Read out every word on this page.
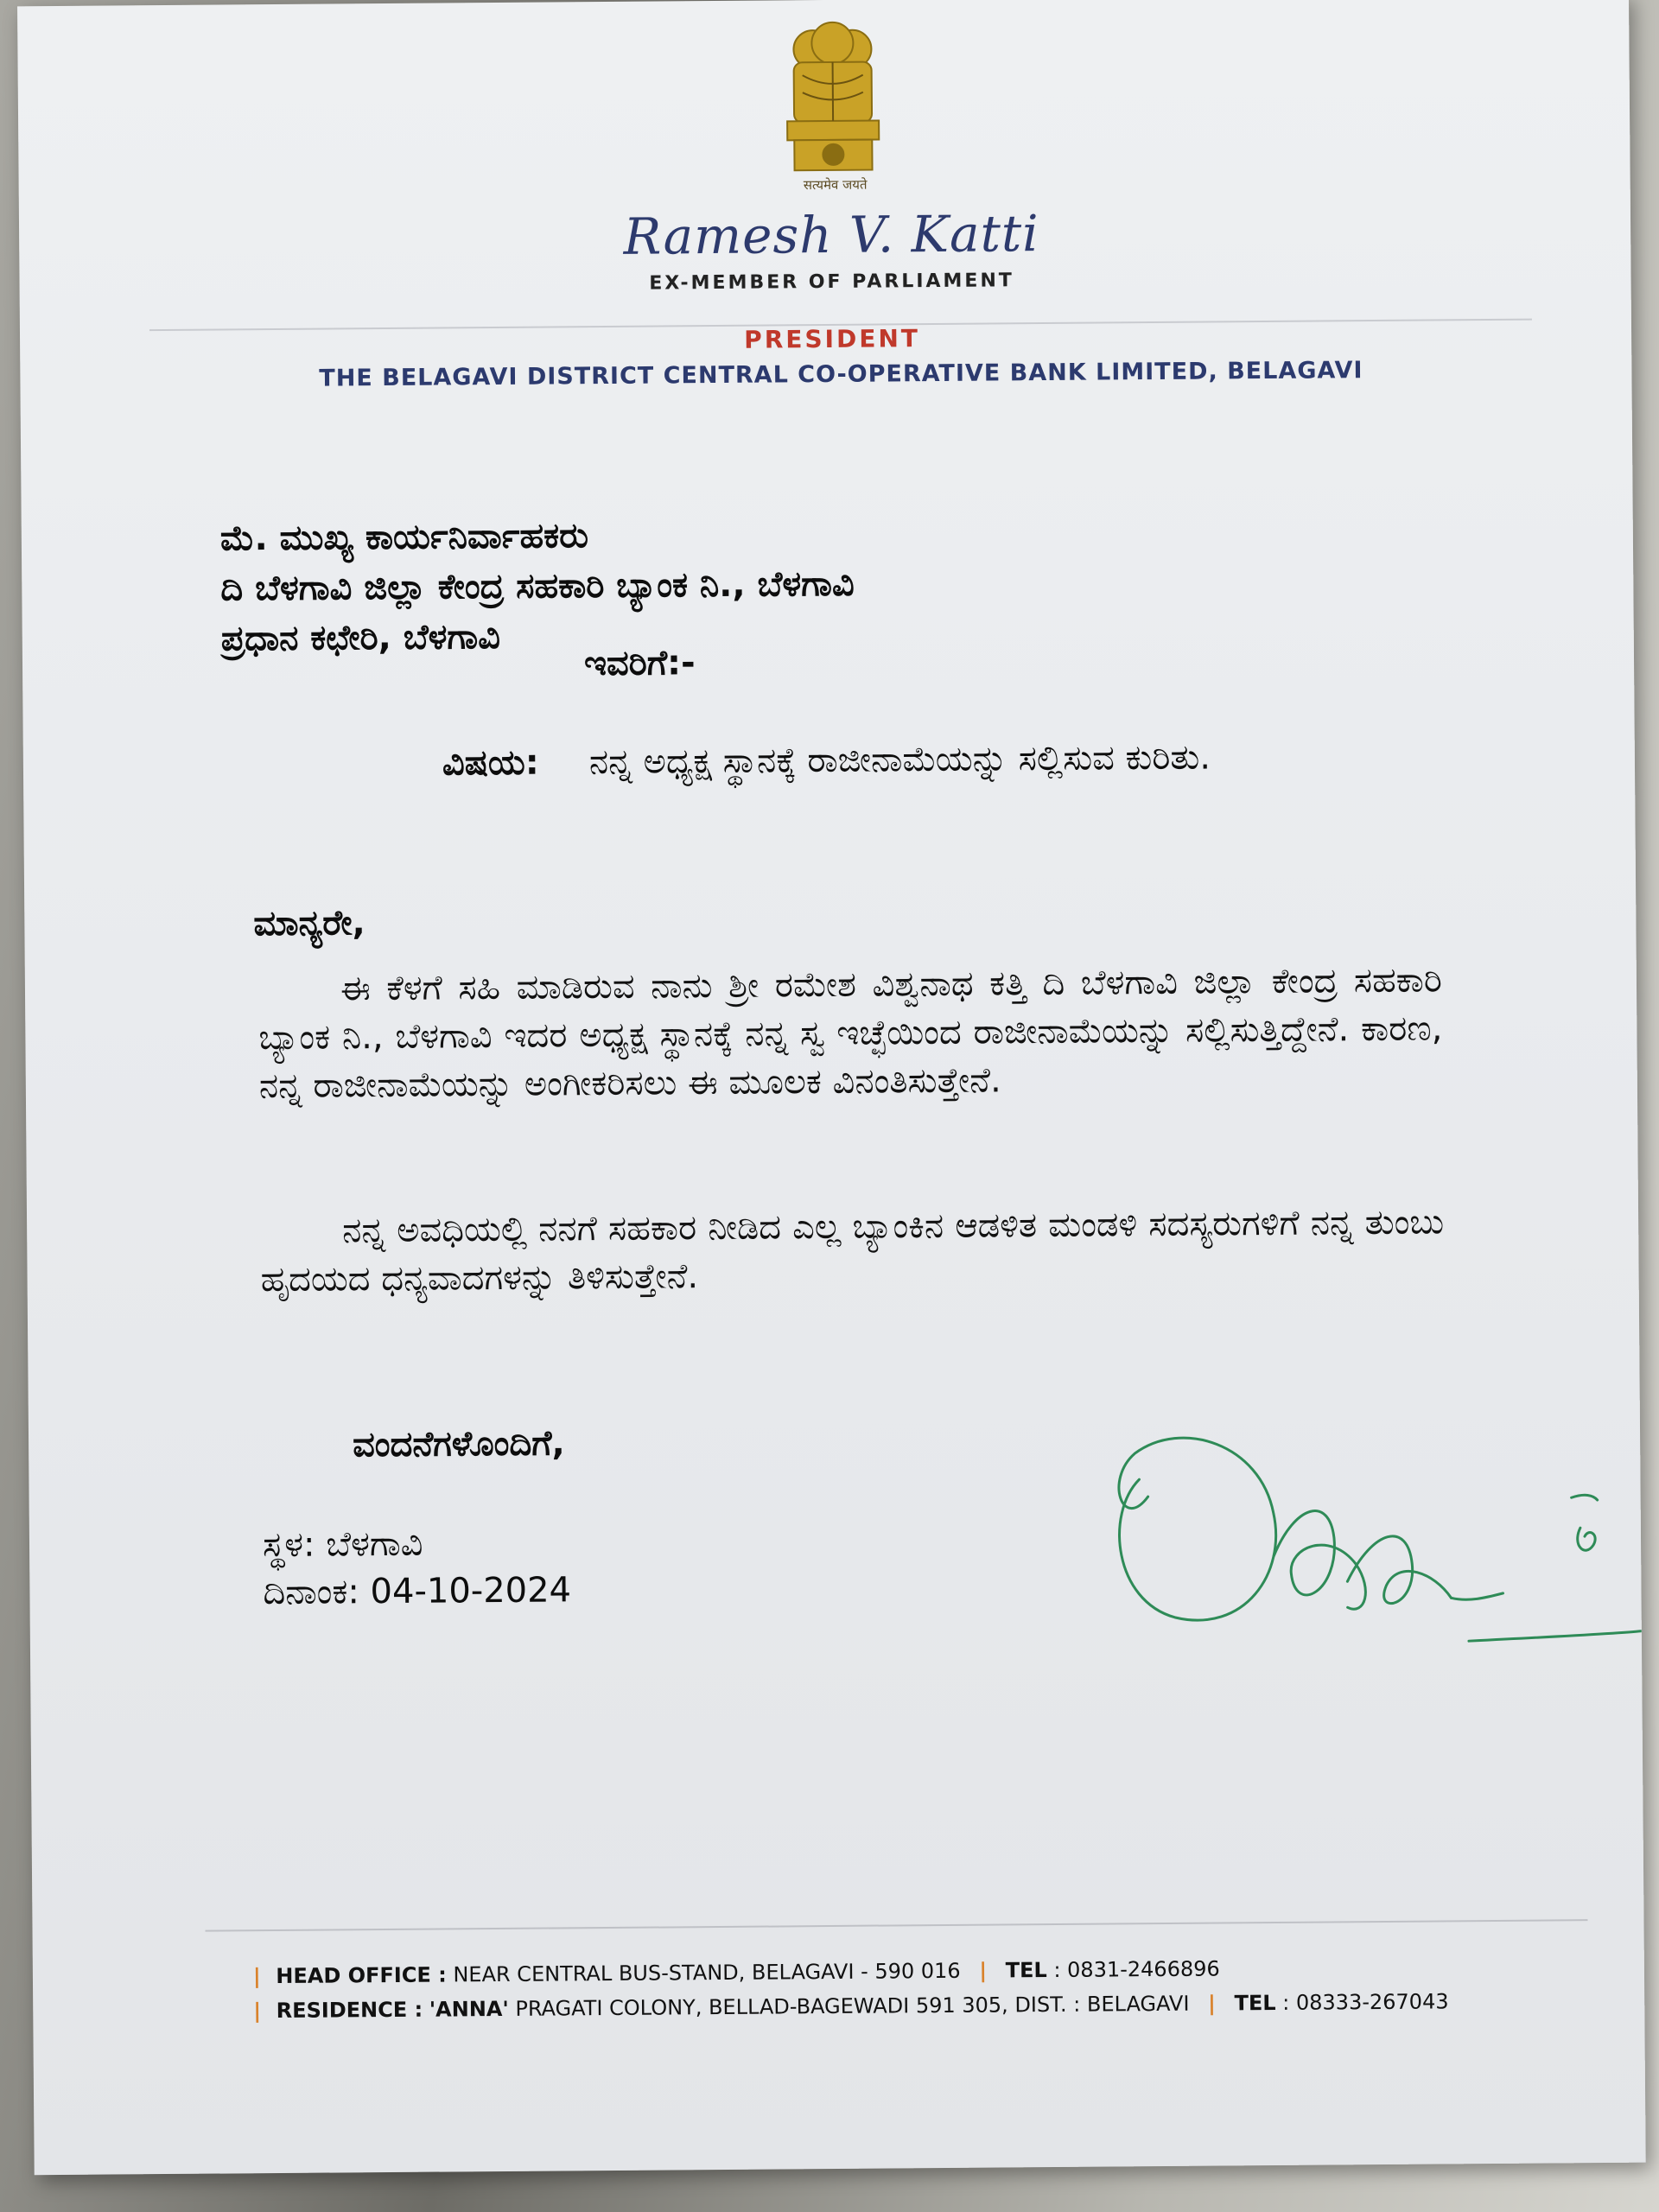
सत्यमेव जयते
Ramesh V. Katti
EX-MEMBER OF PARLIAMENT
PRESIDENT
THE BELAGAVI DISTRICT CENTRAL CO-OPERATIVE BANK LIMITED, BELAGAVI
ಮೆ. ಮುಖ್ಯ ಕಾರ್ಯನಿರ್ವಾಹಕರು
ದಿ ಬೆಳಗಾವಿ ಜಿಲ್ಲಾ ಕೇಂದ್ರ ಸಹಕಾರಿ ಬ್ಯಾಂಕ ನಿ., ಬೆಳಗಾವಿ
ಪ್ರಧಾನ ಕಛೇರಿ, ಬೆಳಗಾವಿ
ಇವರಿಗೆ:-
ವಿಷಯ: ನನ್ನ ಅಧ್ಯಕ್ಷ ಸ್ಥಾನಕ್ಕೆ ರಾಜೀನಾಮೆಯನ್ನು ಸಲ್ಲಿಸುವ ಕುರಿತು.
ಮಾನ್ಯರೇ,
ಈ ಕೆಳಗೆ ಸಹಿ ಮಾಡಿರುವ ನಾನು ಶ್ರೀ ರಮೇಶ ವಿಶ್ವನಾಥ ಕತ್ತಿ ದಿ ಬೆಳಗಾವಿ ಜಿಲ್ಲಾ ಕೇಂದ್ರ ಸಹಕಾರಿ ಬ್ಯಾಂಕ ನಿ., ಬೆಳಗಾವಿ ಇದರ ಅಧ್ಯಕ್ಷ ಸ್ಥಾನಕ್ಕೆ ನನ್ನ ಸ್ವ ಇಚ್ಛೆಯಿಂದ ರಾಜೀನಾಮೆಯನ್ನು ಸಲ್ಲಿಸುತ್ತಿದ್ದೇನೆ. ಕಾರಣ, ನನ್ನ ರಾಜೀನಾಮೆಯನ್ನು ಅಂಗೀಕರಿಸಲು ಈ ಮೂಲಕ ವಿನಂತಿಸುತ್ತೇನೆ.
ನನ್ನ ಅವಧಿಯಲ್ಲಿ ನನಗೆ ಸಹಕಾರ ನೀಡಿದ ಎಲ್ಲ ಬ್ಯಾಂಕಿನ ಆಡಳಿತ ಮಂಡಳಿ ಸದಸ್ಯರುಗಳಿಗೆ ನನ್ನ ತುಂಬು ಹೃದಯದ ಧನ್ಯವಾದಗಳನ್ನು ತಿಳಿಸುತ್ತೇನೆ.
ವಂದನೆಗಳೊಂದಿಗೆ,
ಸ್ಥಳ: ಬೆಳಗಾವಿ
ದಿನಾಂಕ: 04-10-2024
| HEAD OFFICE : NEAR CENTRAL BUS-STAND, BELAGAVI - 590 016 | TEL : 0831-2466896
| RESIDENCE : 'ANNA' PRAGATI COLONY, BELLAD-BAGEWADI 591 305, DIST. : BELAGAVI | TEL : 08333-267043
